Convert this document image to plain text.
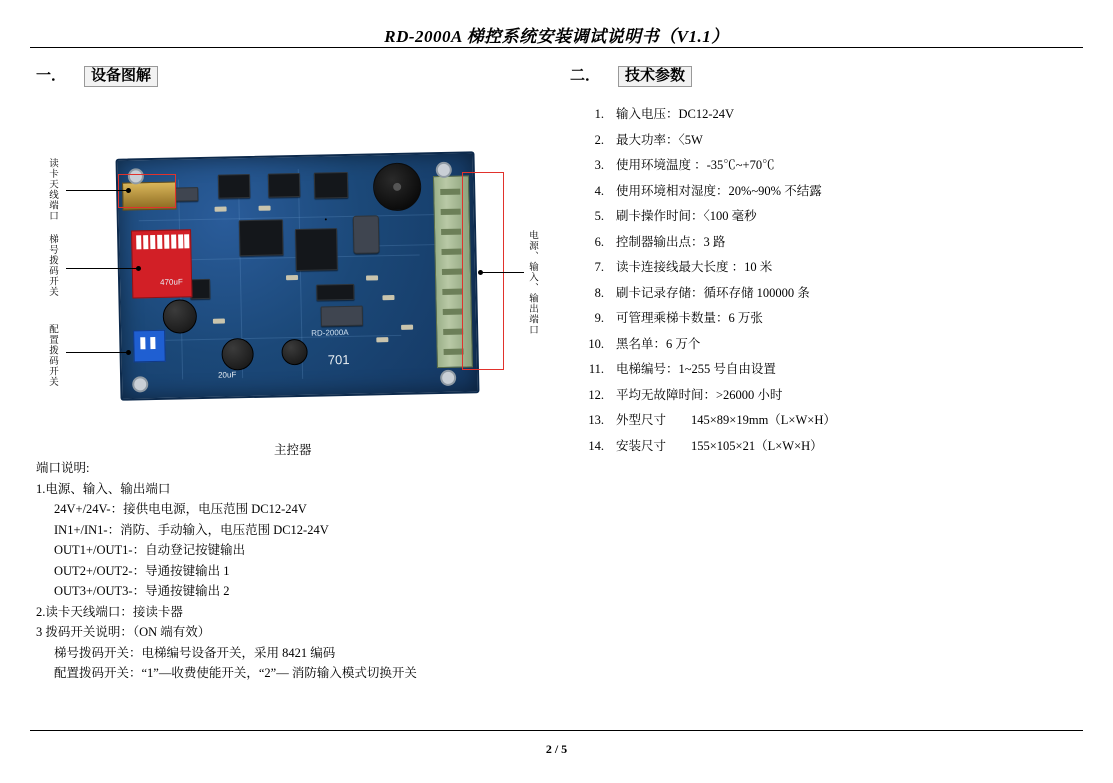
RD-2000A 梯控系统安装调试说明书（V1.1）
一． 设备图解	二． 技术参数
RD-2000A
701
470uF
20uF
读卡天线端口
梯号拨码开关
配置拨码开关
电源、输入、输出端口
主控器
端口说明:
1.电源、输入、输出端口
24V+/24V-：接供电电源，电压范围 DC12-24V
IN1+/IN1-：消防、手动输入，电压范围 DC12-24V
OUT1+/OUT1-：自动登记按键输出
OUT2+/OUT2-：导通按键输出 1
OUT3+/OUT3-：导通按键输出 2
2.读卡天线端口：接读卡器
3 拨码开关说明：（ON 端有效）
梯号拨码开关：电梯编号设备开关，采用 8421 编码
配置拨码开关：“1”—收费使能开关，“2”— 消防输入模式切换开关
1. 输入电压：DC12-24V
2. 最大功率：〈5W
3. 使用环境温度 ：-35℃~+70℃
4. 使用环境相对湿度：20%~90% 不结露
5. 刷卡操作时间：〈100 毫秒
6. 控制器输出点：3 路
7. 读卡连接线最大长度 ：10 米
8. 刷卡记录存储：循环存储 100000 条
9. 可管理乘梯卡数量：6 万张
10. 黑名单：6 万个
11. 电梯编号：1~255 号自由设置
12. 平均无故障时间：>26000 小时
13. 外型尺寸　　145×89×19mm（L×W×H）
14. 安装尺寸　　155×105×21（L×W×H）
2 / 5
